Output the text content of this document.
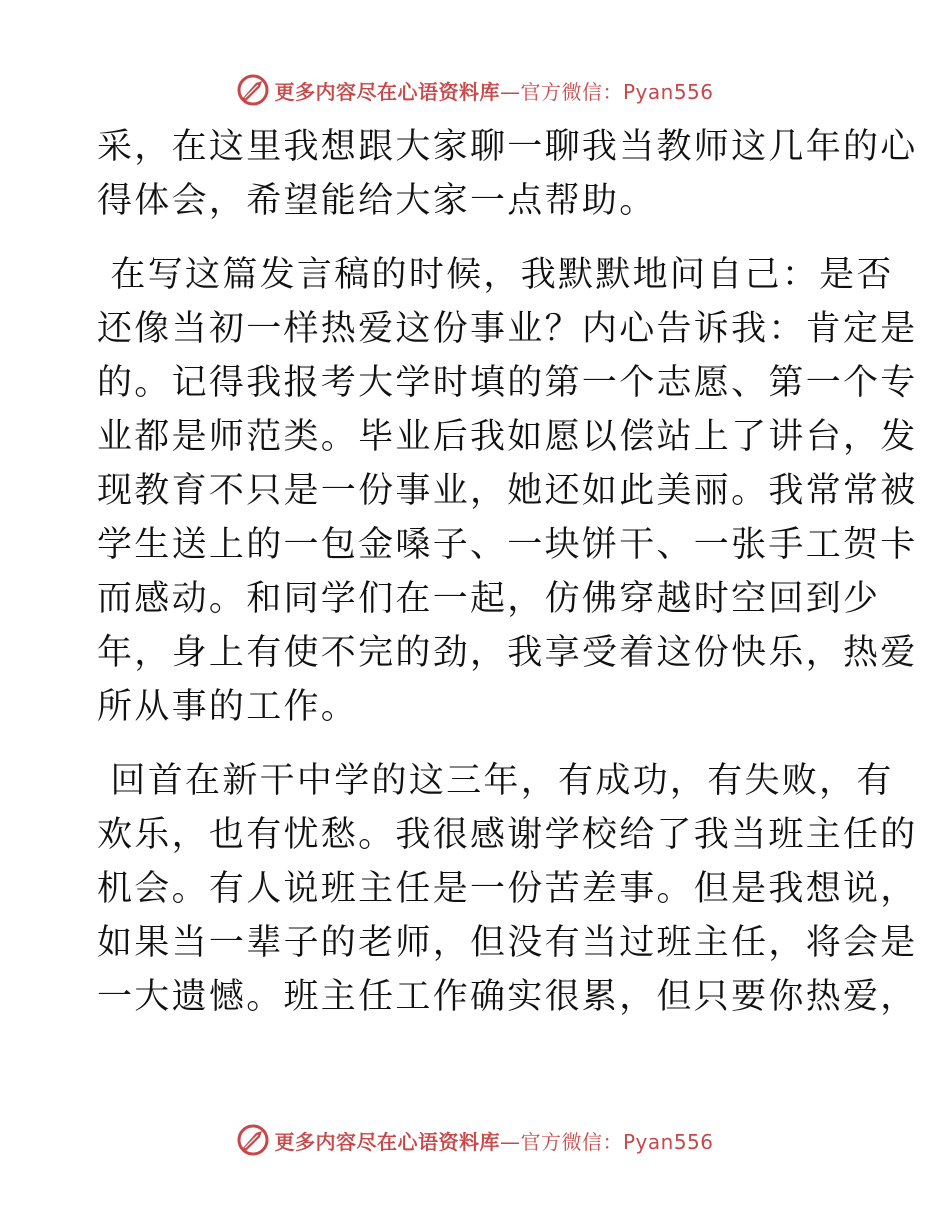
更多内容尽在心语资料库—官方微信：Pyan556
采，在这里我想跟大家聊一聊我当教师这几年的心
得体会，希望能给大家一点帮助。
在写这篇发言稿的时候，我默默地问自己：是否
还像当初一样热爱这份事业？内心告诉我：肯定是
的。记得我报考大学时填的第一个志愿、第一个专
业都是师范类。毕业后我如愿以偿站上了讲台，发
现教育不只是一份事业，她还如此美丽。我常常被
学生送上的一包金嗓子、一块饼干、一张手工贺卡
而感动。和同学们在一起，仿佛穿越时空回到少
年，身上有使不完的劲，我享受着这份快乐，热爱
所从事的工作。
回首在新干中学的这三年，有成功，有失败，有
欢乐，也有忧愁。我很感谢学校给了我当班主任的
机会。有人说班主任是一份苦差事。但是我想说，
如果当一辈子的老师，但没有当过班主任，将会是
一大遗憾。班主任工作确实很累，但只要你热爱，
更多内容尽在心语资料库—官方微信：Pyan556
